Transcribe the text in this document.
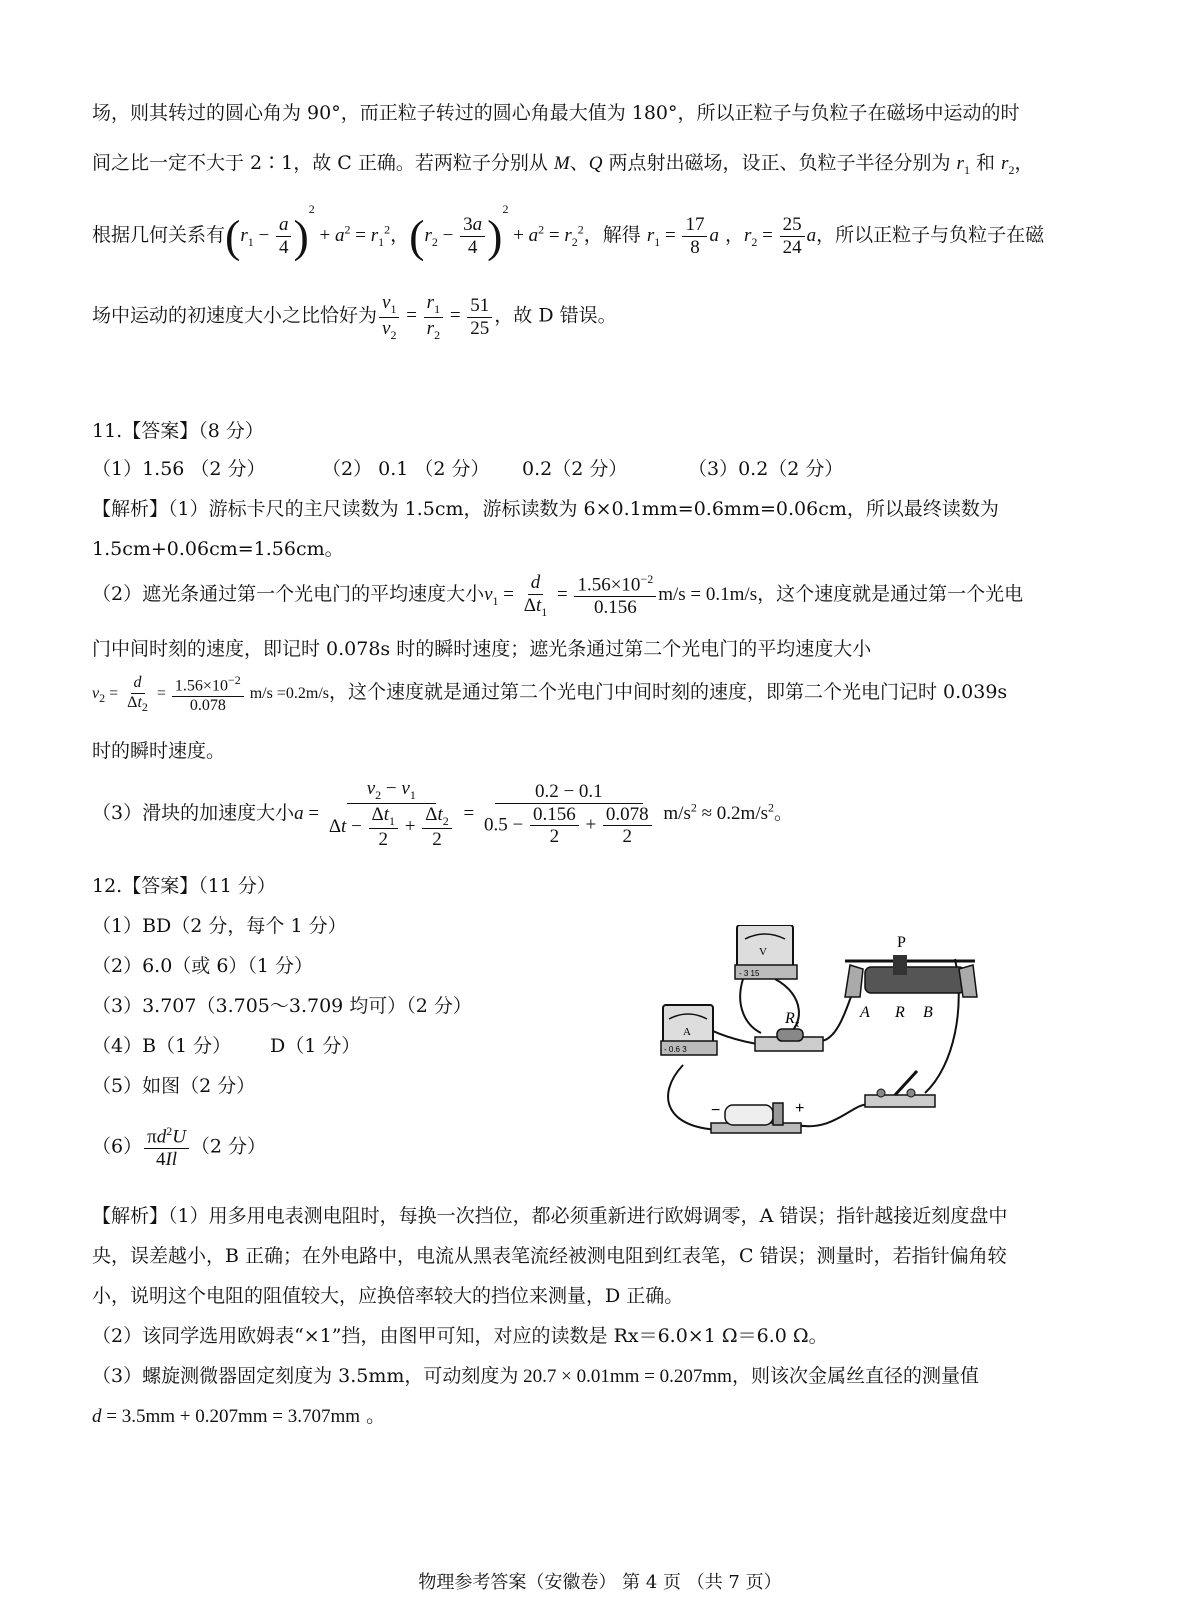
场，则其转过的圆心角为 90°，而正粒子转过的圆心角最大值为 180°，所以正粒子与负粒子在磁场中运动的时
间之比一定不大于 2∶1，故 C 正确。若两粒子分别从 M、Q 两点射出磁场，设正、负粒子半径分别为 $r_1$ 和 $r_2$，
根据几何关系有$(r_1 - \frac{a}{4} )^2 + a^2 = r_1^2$，$(r_2 - \frac{3a}{4} )^2 + a^2 = r_2^2$，解得 $r_1 = \frac{17}{8}$ a ，$r_2 = \frac{25}{24}$ a，所以正粒子与负粒子在磁
场中运动的初速度大小之比恰好为 $\frac{v_1}{v_2} = \frac{r_1}{r_2} = \frac{51}{25}$ ，故 D 错误。
11.【答案】（8 分）
（1）1.56 （2 分）	（2） 0.1 （2 分） 0.2（2 分）	（3）0.2（2 分）
【解析】（1）游标卡尺的主尺读数为 1.5cm，游标读数为 6×0.1mm=0.6mm=0.06cm，所以最终读数为
1.5cm+0.06cm=1.56cm。
（2）遮光条通过第一个光电门的平均速度大小$v_1 = \frac{d}{\Delta t_1} = \frac{1.56\times 10^{-2}}{0.156} m/s = 0.1m/s$，这个速度就是通过第一个光电
门中间时刻的速度，即记时 0.078s 时的瞬时速度；遮光条通过第二个光电门的平均速度大小
$v_2 = \frac{d}{\Delta t_2} = \frac{1.56\times 10^{-2}}{0.078} m/s =0.2m/s$，这个速度就是通过第二个光电门中间时刻的速度，即第二个光电门记时 0.039s
时的瞬时速度。
（3）滑块的加速度大小$a = \frac{v_2 - v_1}{\Delta t - \frac{\Delta t_1}{2} + \frac{\Delta t_2}{2}} = \frac{0.2 - 0.1}{0.5 - \frac{0.156}{2} + \frac{0.078}{2}} m/s^2 \approx 0.2m/s^2$。
12.【答案】（11 分）
（1）BD（2 分，每个 1 分）
（2）6.0（或 6）（1 分）
（3）3.707（3.705～3.709 均可）（2 分）
（4）B（1 分） D（1 分）
（5）如图（2 分）
$(6) \frac{\pi d^2U}{4Il} (2$ 分）
V
- 3 15
A
- 0.6 3
$R_x$
P
A R B
−	+
【解析】（1）用多用电表测电阻时，每换一次挡位，都必须重新进行欧姆调零，A 错误；指针越接近刻度盘中
央，误差越小，B 正确；在外电路中，电流从黑表笔流经被测电阻到红表笔，C 错误；测量时，若指针偏角较
小，说明这个电阻的阻值较大，应换倍率较大的挡位来测量，D 正确。
（2）该同学选用欧姆表“×1”挡，由图甲可知，对应的读数是 Rx＝6.0×1 Ω＝6.0 Ω。
（3）螺旋测微器固定刻度为 3.5mm，可动刻度为 20.7 × 0.01mm = 0.207mm，则该次金属丝直径的测量值
d = 3.5mm + 0.207mm = 3.707mm 。
物理参考答案（安徽卷） 第 4 页 （共 7 页）
